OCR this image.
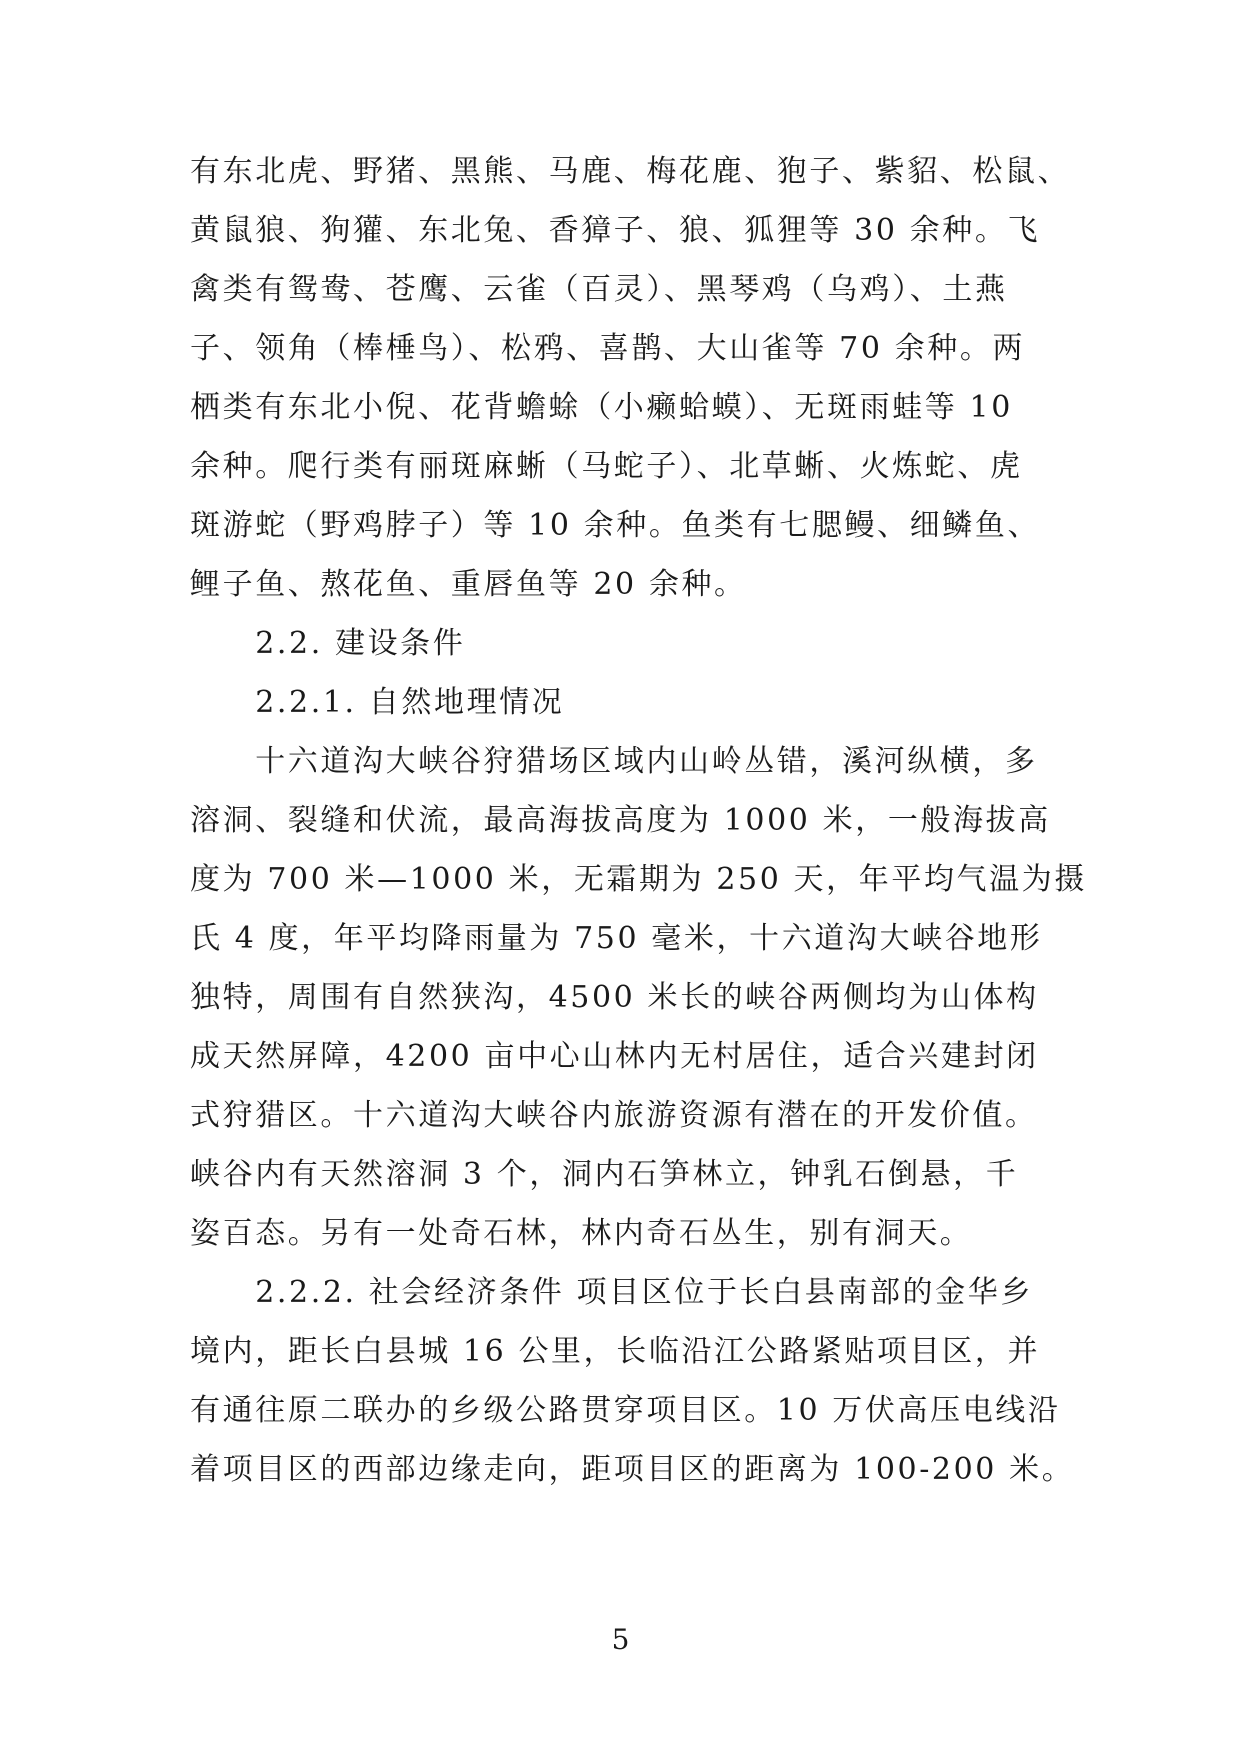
有东北虎、野猪、黑熊、马鹿、梅花鹿、狍子、紫貂、松鼠、
黄鼠狼、狗獾、东北兔、香獐子、狼、狐狸等 30 余种。飞
禽类有鸳鸯、苍鹰、云雀（百灵）、黑琴鸡（乌鸡）、土燕
子、领角（棒棰鸟）、松鸦、喜鹊、大山雀等 70 余种。两
栖类有东北小倪、花背蟾蜍（小癞蛤蟆）、无斑雨蛙等 10
余种。爬行类有丽斑麻蜥（马蛇子）、北草蜥、火炼蛇、虎
斑游蛇（野鸡脖子）等 10 余种。鱼类有七腮鳗、细鳞鱼、
鲤子鱼、熬花鱼、重唇鱼等 20 余种。
　　2.2. 建设条件
　　2.2.1. 自然地理情况
　　十六道沟大峡谷狩猎场区域内山岭丛错，溪河纵横，多
溶洞、裂缝和伏流，最高海拔高度为 1000 米，一般海拔高
度为 700 米—1000 米，无霜期为 250 天，年平均气温为摄
氏 4 度，年平均降雨量为 750 毫米，十六道沟大峡谷地形
独特，周围有自然狭沟，4500 米长的峡谷两侧均为山体构
成天然屏障，4200 亩中心山林内无村居住，适合兴建封闭
式狩猎区。十六道沟大峡谷内旅游资源有潜在的开发价值。
峡谷内有天然溶洞 3 个，洞内石笋林立，钟乳石倒悬，千
姿百态。另有一处奇石林，林内奇石丛生，别有洞天。
　　2.2.2. 社会经济条件 项目区位于长白县南部的金华乡
境内，距长白县城 16 公里，长临沿江公路紧贴项目区，并
有通往原二联办的乡级公路贯穿项目区。10 万伏高压电线沿
着项目区的西部边缘走向，距项目区的距离为 100-200 米。
5
